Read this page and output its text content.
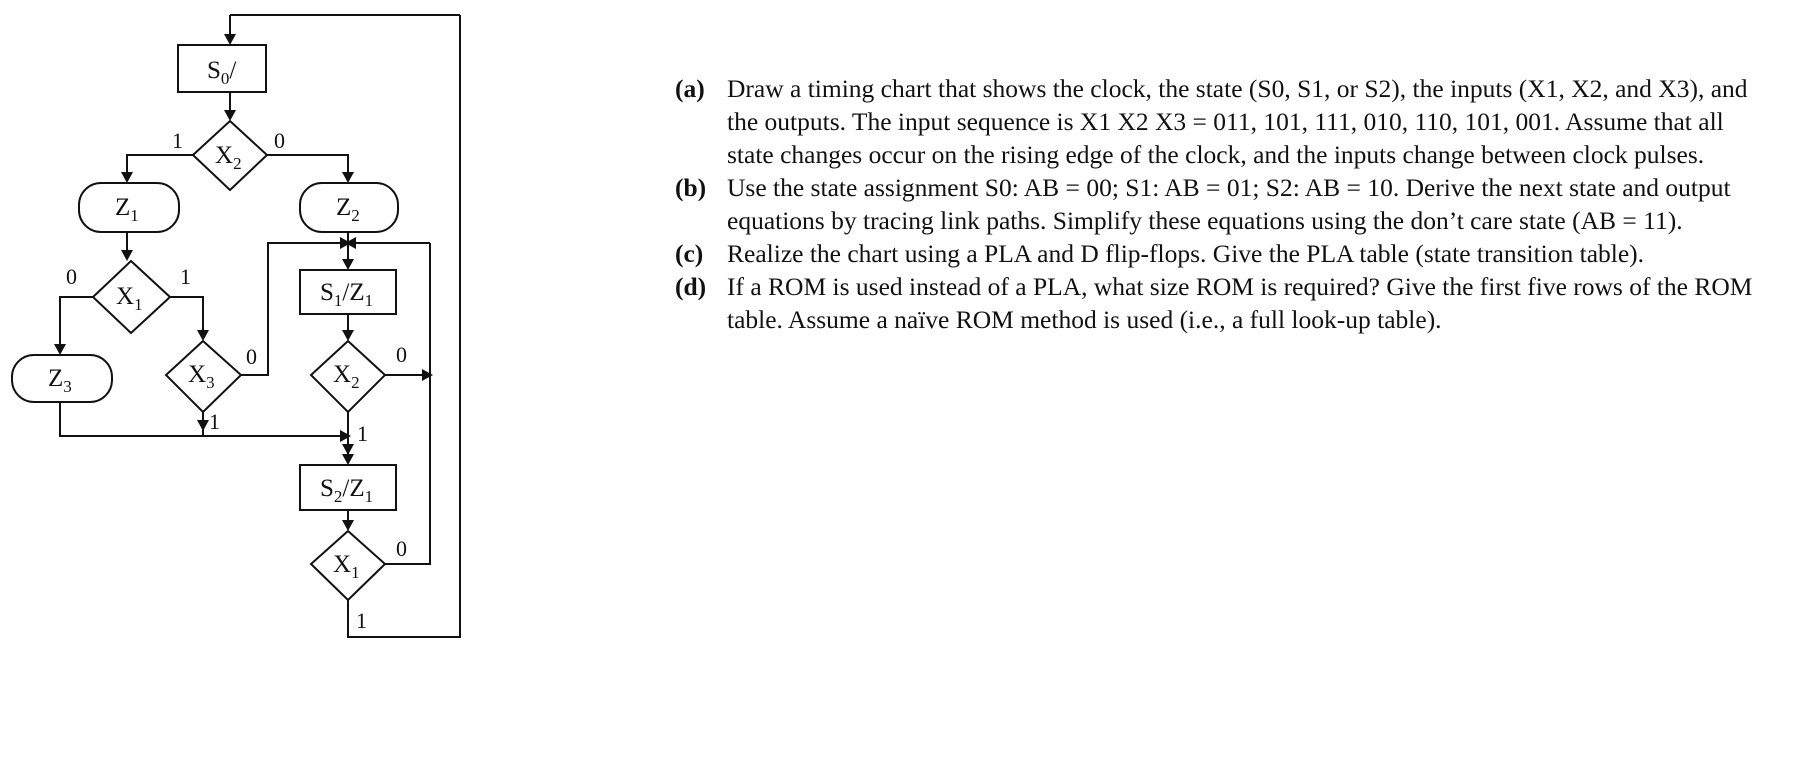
$S_0/$
$X_2$
1	0
$Z_1$	$Z_2$
$X_1$
0	1
$S_1/Z_1$
$Z_3$	$X_3$
0
1
$X_2$
0
1
$S_2/Z_1$
$X_1$
0
1

(a) Draw a timing chart that shows the clock, the state (S0, S1, or S2), the inputs (X1, X2, and X3), and the outputs. The input sequence is X1 X2 X3 = 011, 101, 111, 010, 110, 101, 001. Assume that all state changes occur on the rising edge of the clock, and the inputs change between clock pulses.

(b) Use the state assignment S0: AB = 00; S1: AB = 01; S2: AB = 10. Derive the next state and output equations by tracing link paths. Simplify these equations using the don’t care state (AB = 11).

(c) Realize the chart using a PLA and D flip-flops. Give the PLA table (state transition table).

(d) If a ROM is used instead of a PLA, what size ROM is required? Give the first five rows of the ROM table. Assume a naïve ROM method is used (i.e., a full look-up table).
